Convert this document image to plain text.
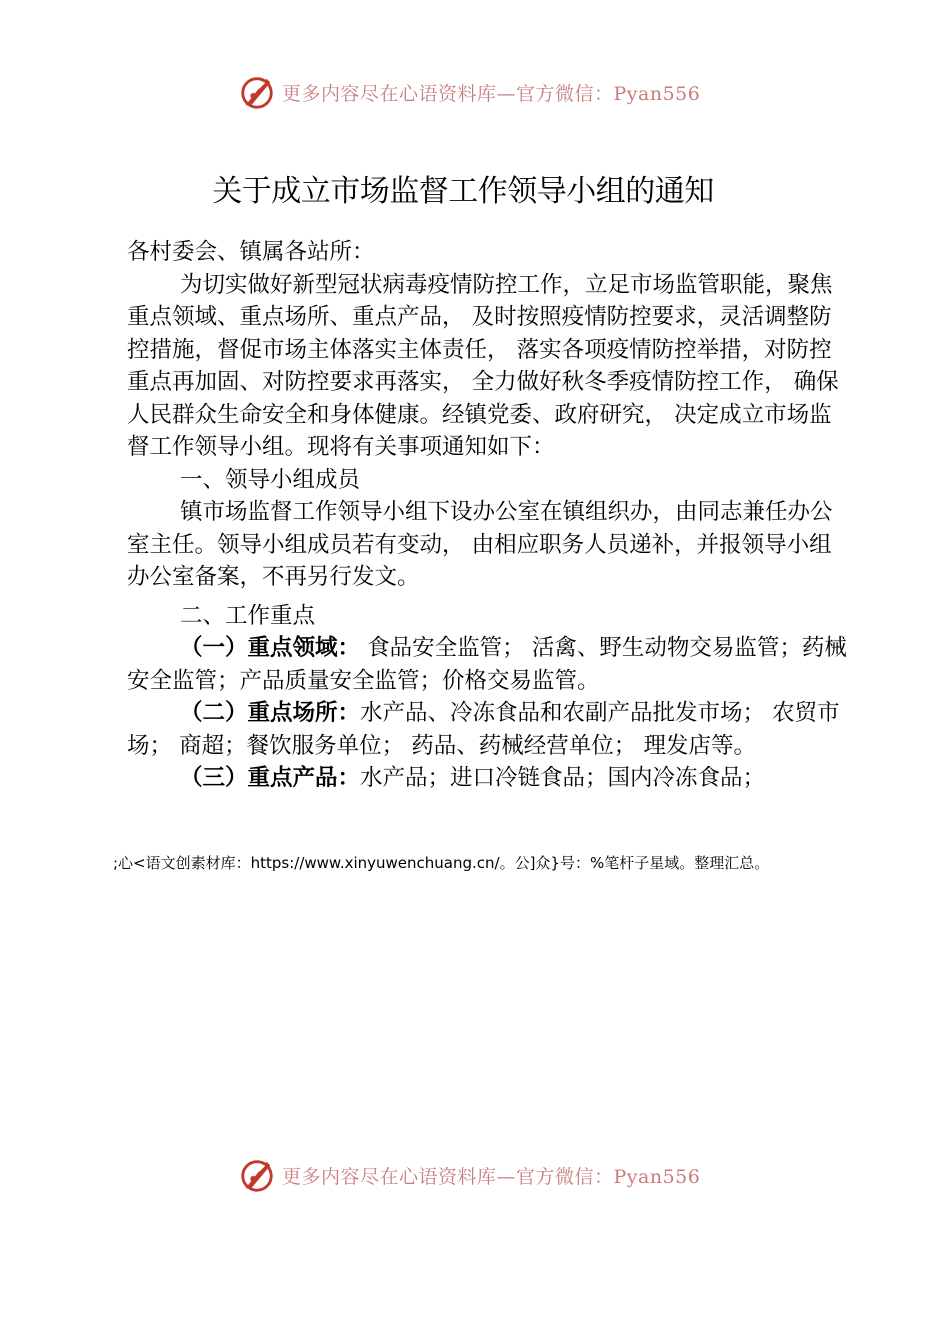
更多内容尽在心语资料库—官方微信：Pyan556
关于成立市场监督工作领导小组的通知

各村委会、镇属各站所：

为切实做好新型冠状病毒疫情防控工作，立足市场监管职能，聚焦重点领域、重点场所、重点产品， 及时按照疫情防控要求，灵活调整防控措施，督促市场主体落实主体责任， 落实各项疫情防控举措，对防控重点再加固、对防控要求再落实， 全力做好秋冬季疫情防控工作， 确保人民群众生命安全和身体健康。经镇党委、政府研究， 决定成立市场监督工作领导小组。现将有关事项通知如下：

一、领导小组成员

镇市场监督工作领导小组下设办公室在镇组织办，由同志兼任办公室主任。领导小组成员若有变动， 由相应职务人员递补，并报领导小组办公室备案，不再另行发文。

二、工作重点

（一）重点领域： 食品安全监管； 活禽、野生动物交易监管；药械安全监管；产品质量安全监管；价格交易监管。

（二）重点场所：水产品、冷冻食品和农副产品批发市场； 农贸市场； 商超；餐饮服务单位； 药品、药械经营单位； 理发店等。

（三）重点产品：水产品；进口冷链食品；国内冷冻食品；

;心<语文创素材库：https://www.xinyuwenchuang.cn/。公]众}号：%笔杆子星域。整理汇总。
更多内容尽在心语资料库—官方微信：Pyan556
